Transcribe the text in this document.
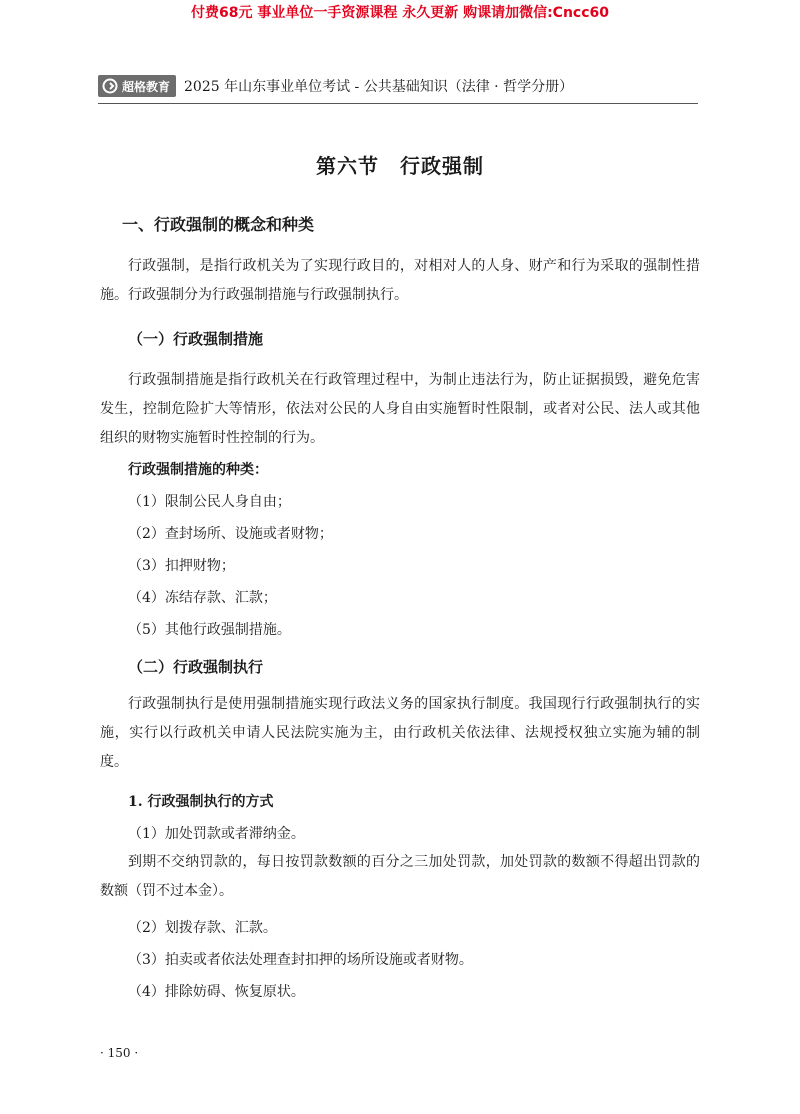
付费68元 事业单位一手资源课程 永久更新 购课请加微信:Cncc60
超格教育 2025 年山东事业单位考试 - 公共基础知识（法律 · 哲学分册）
第六节　行政强制
一、行政强制的概念和种类

行政强制，是指行政机关为了实现行政目的，对相对人的人身、财产和行为采取的强制性措施。行政强制分为行政强制措施与行政强制执行。

（一）行政强制措施

行政强制措施是指行政机关在行政管理过程中，为制止违法行为，防止证据损毁，避免危害发生，控制危险扩大等情形，依法对公民的人身自由实施暂时性限制，或者对公民、法人或其他组织的财物实施暂时性控制的行为。

行政强制措施的种类：
（1）限制公民人身自由；
（2）查封场所、设施或者财物；
（3）扣押财物；
（4）冻结存款、汇款；
（5）其他行政强制措施。
（二）行政强制执行

行政强制执行是使用强制措施实现行政法义务的国家执行制度。我国现行行政强制执行的实施，实行以行政机关申请人民法院实施为主，由行政机关依法律、法规授权独立实施为辅的制度。

1. 行政强制执行的方式
（1）加处罚款或者滞纳金。

到期不交纳罚款的，每日按罚款数额的百分之三加处罚款，加处罚款的数额不得超出罚款的数额（罚不过本金）。

（2）划拨存款、汇款。
（3）拍卖或者依法处理查封扣押的场所设施或者财物。
（4）排除妨碍、恢复原状。
· 150 ·
